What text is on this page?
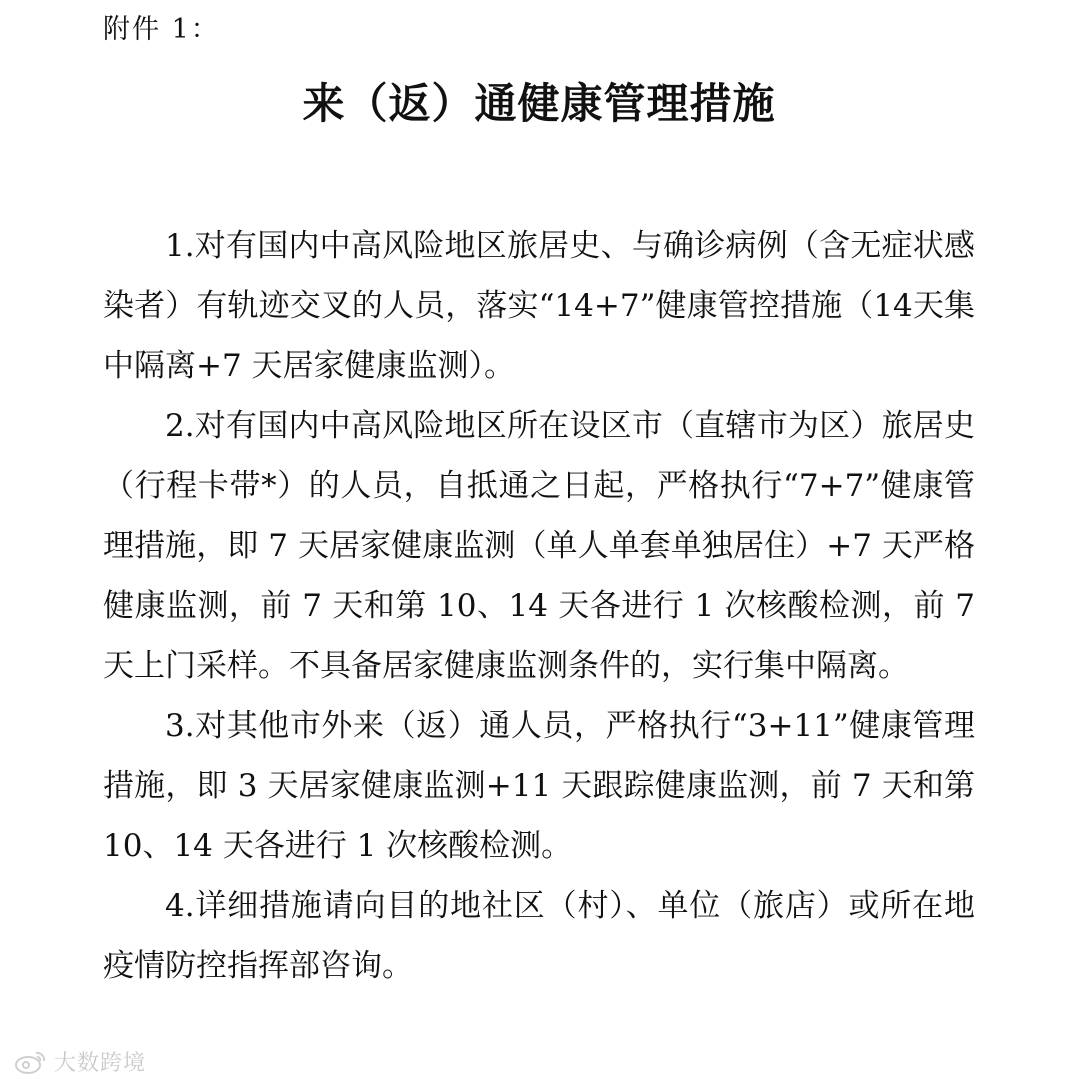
附件 1：
来（返）通健康管理措施

1.对有国内中高风险地区旅居史、与确诊病例（含无症状感染者）有轨迹交叉的人员，落实“14+7”健康管控措施（14天集中隔离+7 天居家健康监测）。

2.对有国内中高风险地区所在设区市（直辖市为区）旅居史（行程卡带*）的人员，自抵通之日起，严格执行“7+7”健康管理措施，即 7 天居家健康监测（单人单套单独居住）+7 天严格健康监测，前 7 天和第 10、14 天各进行 1 次核酸检测，前 7 天上门采样。不具备居家健康监测条件的，实行集中隔离。

3.对其他市外来（返）通人员，严格执行“3+11”健康管理措施，即 3 天居家健康监测+11 天跟踪健康监测，前 7 天和第 10、14 天各进行 1 次核酸检测。

4.详细措施请向目的地社区（村）、单位（旅店）或所在地疫情防控指挥部咨询。

大数跨境
